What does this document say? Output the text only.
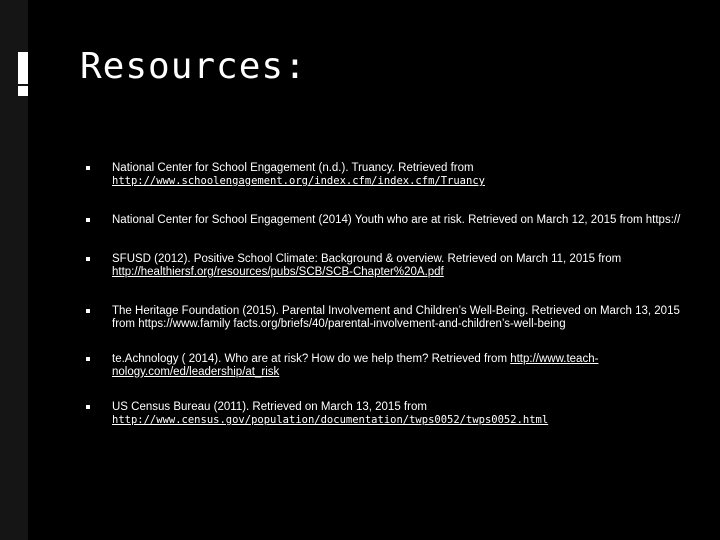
Resources:
National Center for School Engagement (n.d.). Truancy. Retrieved from http://www.schoolengagement.org/index.cfm/index.cfm/Truancy
National Center for School Engagement (2014) Youth who are at risk. Retrieved on March 12, 2015 from https://
SFUSD (2012). Positive School Climate: Background & overview. Retrieved on March 11, 2015 from http://healthiersf.org/resources/pubs/SCB/SCB-Chapter%20A.pdf
The Heritage Foundation (2015). Parental Involvement and Children’s Well-Being. Retrieved on March 13, 2015 from https://www.family facts.org/briefs/40/parental-involvement-and-children’s-well-being
te.Achnology ( 2014). Who are at risk? How do we help them? Retrieved from http://www.teach-nology.com/ed/leadership/at_risk
US Census Bureau (2011). Retrieved on March 13, 2015 from http://www.census.gov/population/documentation/twps0052/twps0052.html
